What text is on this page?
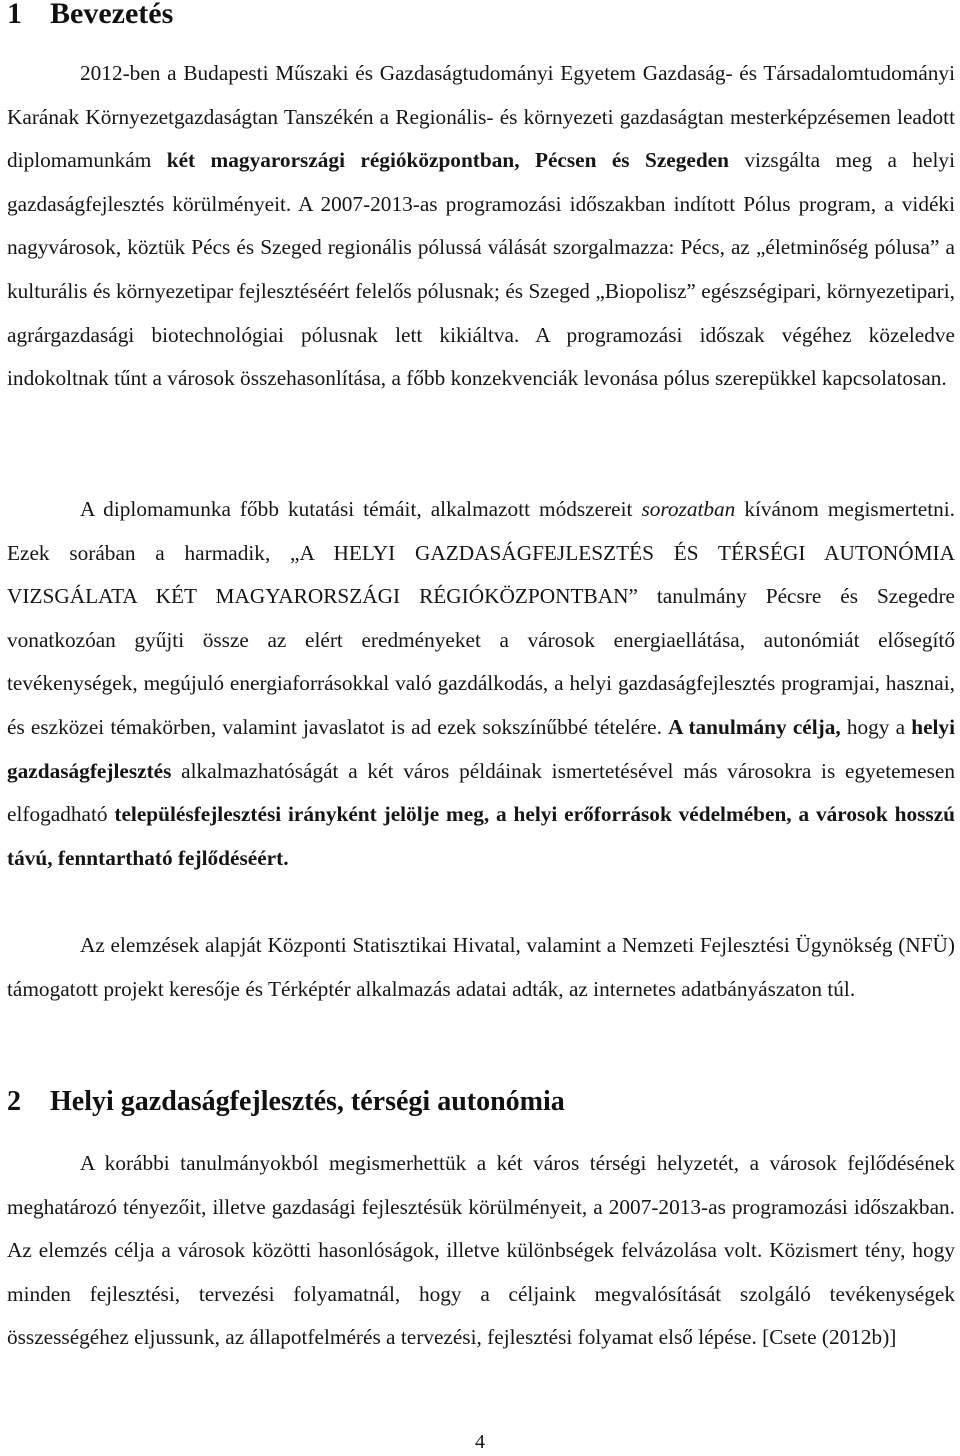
1 Bevezetés

2012-ben a Budapesti Műszaki és Gazdaságtudományi Egyetem Gazdaság- és Társadalomtudományi Karának Környezetgazdaságtan Tanszékén a Regionális- és környezeti gazdaságtan mesterképzésemen leadott diplomamunkám két magyarországi régióközpontban, Pécsen és Szegeden vizsgálta meg a helyi gazdaságfejlesztés körülményeit. A 2007-2013-as programozási időszakban indított Pólus program, a vidéki nagyvárosok, köztük Pécs és Szeged regionális pólussá válását szorgalmazza: Pécs, az „életminőség pólusa” a kulturális és környezetipar fejlesztéséért felelős pólusnak; és Szeged „Biopolisz” egészségipari, környezetipari, agrárgazdasági biotechnológiai pólusnak lett kikiáltva. A programozási időszak végéhez közeledve indokoltnak tűnt a városok összehasonlítása, a főbb konzekvenciák levonása pólus szerepükkel kapcsolatosan.

A diplomamunka főbb kutatási témáit, alkalmazott módszereit sorozatban kívánom megismertetni. Ezek sorában a harmadik, „A HELYI GAZDASÁGFEJLESZTÉS ÉS TÉRSÉGI AUTONÓMIA VIZSGÁLATA KÉT MAGYARORSZÁGI RÉGIÓKÖZPONTBAN” tanulmány Pécsre és Szegedre vonatkozóan gyűjti össze az elért eredményeket a városok energiaellátása, autonómiát elősegítő tevékenységek, megújuló energiaforrásokkal való gazdálkodás, a helyi gazdaságfejlesztés programjai, hasznai, és eszközei témakörben, valamint javaslatot is ad ezek sokszínűbbé tételére. A tanulmány célja, hogy a helyi gazdaságfejlesztés alkalmazhatóságát a két város példáinak ismertetésével más városokra is egyetemesen elfogadható településfejlesztési irányként jelölje meg, a helyi erőforrások védelmében, a városok hosszú távú, fenntartható fejlődéséért.

Az elemzések alapját Központi Statisztikai Hivatal, valamint a Nemzeti Fejlesztési Ügynökség (NFÜ) támogatott projekt keresője és Térképtér alkalmazás adatai adták, az internetes adatbányászaton túl.

2 Helyi gazdaságfejlesztés, térségi autonómia

A korábbi tanulmányokból megismerhettük a két város térségi helyzetét, a városok fejlődésének meghatározó tényezőit, illetve gazdasági fejlesztésük körülményeit, a 2007-2013-as programozási időszakban. Az elemzés célja a városok közötti hasonlóságok, illetve különbségek felvázolása volt. Közismert tény, hogy minden fejlesztési, tervezési folyamatnál, hogy a céljaink megvalósítását szolgáló tevékenységek összességéhez eljussunk, az állapotfelmérés a tervezési, fejlesztési folyamat első lépése. [Csete (2012b)]

4
